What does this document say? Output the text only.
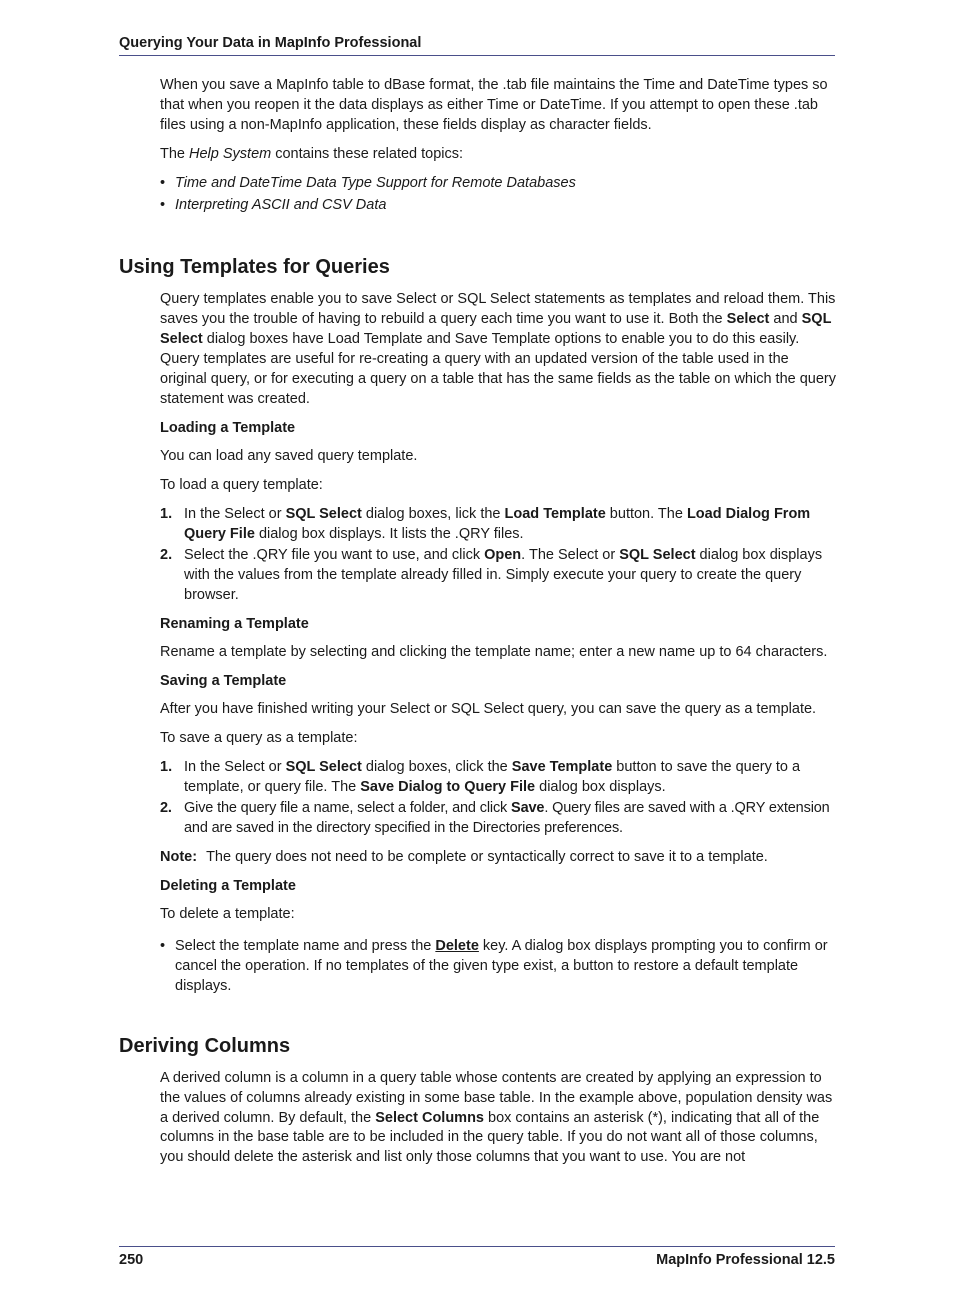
Querying Your Data in MapInfo Professional

When you save a MapInfo table to dBase format, the .tab file maintains the Time and DateTime types so that when you reopen it the data displays as either Time or DateTime. If you attempt to open these .tab files using a non-MapInfo application, these fields display as character fields.

The Help System contains these related topics:

• Time and DateTime Data Type Support for Remote Databases
• Interpreting ASCII and CSV Data
Using Templates for Queries

Query templates enable you to save Select or SQL Select statements as templates and reload them. This saves you the trouble of having to rebuild a query each time you want to use it. Both the Select and SQL Select dialog boxes have Load Template and Save Template options to enable you to do this easily. Query templates are useful for re-creating a query with an updated version of the table used in the original query, or for executing a query on a table that has the same fields as the table on which the query statement was created.

Loading a Template

You can load any saved query template.

To load a query template:

1. In the Select or SQL Select dialog boxes, lick the Load Template button. The Load Dialog From Query File dialog box displays. It lists the .QRY files.
2. Select the .QRY file you want to use, and click Open. The Select or SQL Select dialog box displays with the values from the template already filled in. Simply execute your query to create the query browser.
Renaming a Template

Rename a template by selecting and clicking the template name; enter a new name up to 64 characters.

Saving a Template

After you have finished writing your Select or SQL Select query, you can save the query as a template.

To save a query as a template:

1. In the Select or SQL Select dialog boxes, click the Save Template button to save the query to a template, or query file. The Save Dialog to Query File dialog box displays.
2. Give the query file a name, select a folder, and click Save. Query files are saved with a .QRY extension and are saved in the directory specified in the Directories preferences.

Note: The query does not need to be complete or syntactically correct to save it to a template.

Deleting a Template

To delete a template:

• Select the template name and press the Delete key. A dialog box displays prompting you to confirm or cancel the operation. If no templates of the given type exist, a button to restore a default template displays.
Deriving Columns

A derived column is a column in a query table whose contents are created by applying an expression to the values of columns already existing in some base table. In the example above, population density was a derived column. By default, the Select Columns box contains an asterisk (*), indicating that all of the columns in the base table are to be included in the query table. If you do not want all of those columns, you should delete the asterisk and list only those columns that you want to use. You are not

250	MapInfo Professional 12.5
